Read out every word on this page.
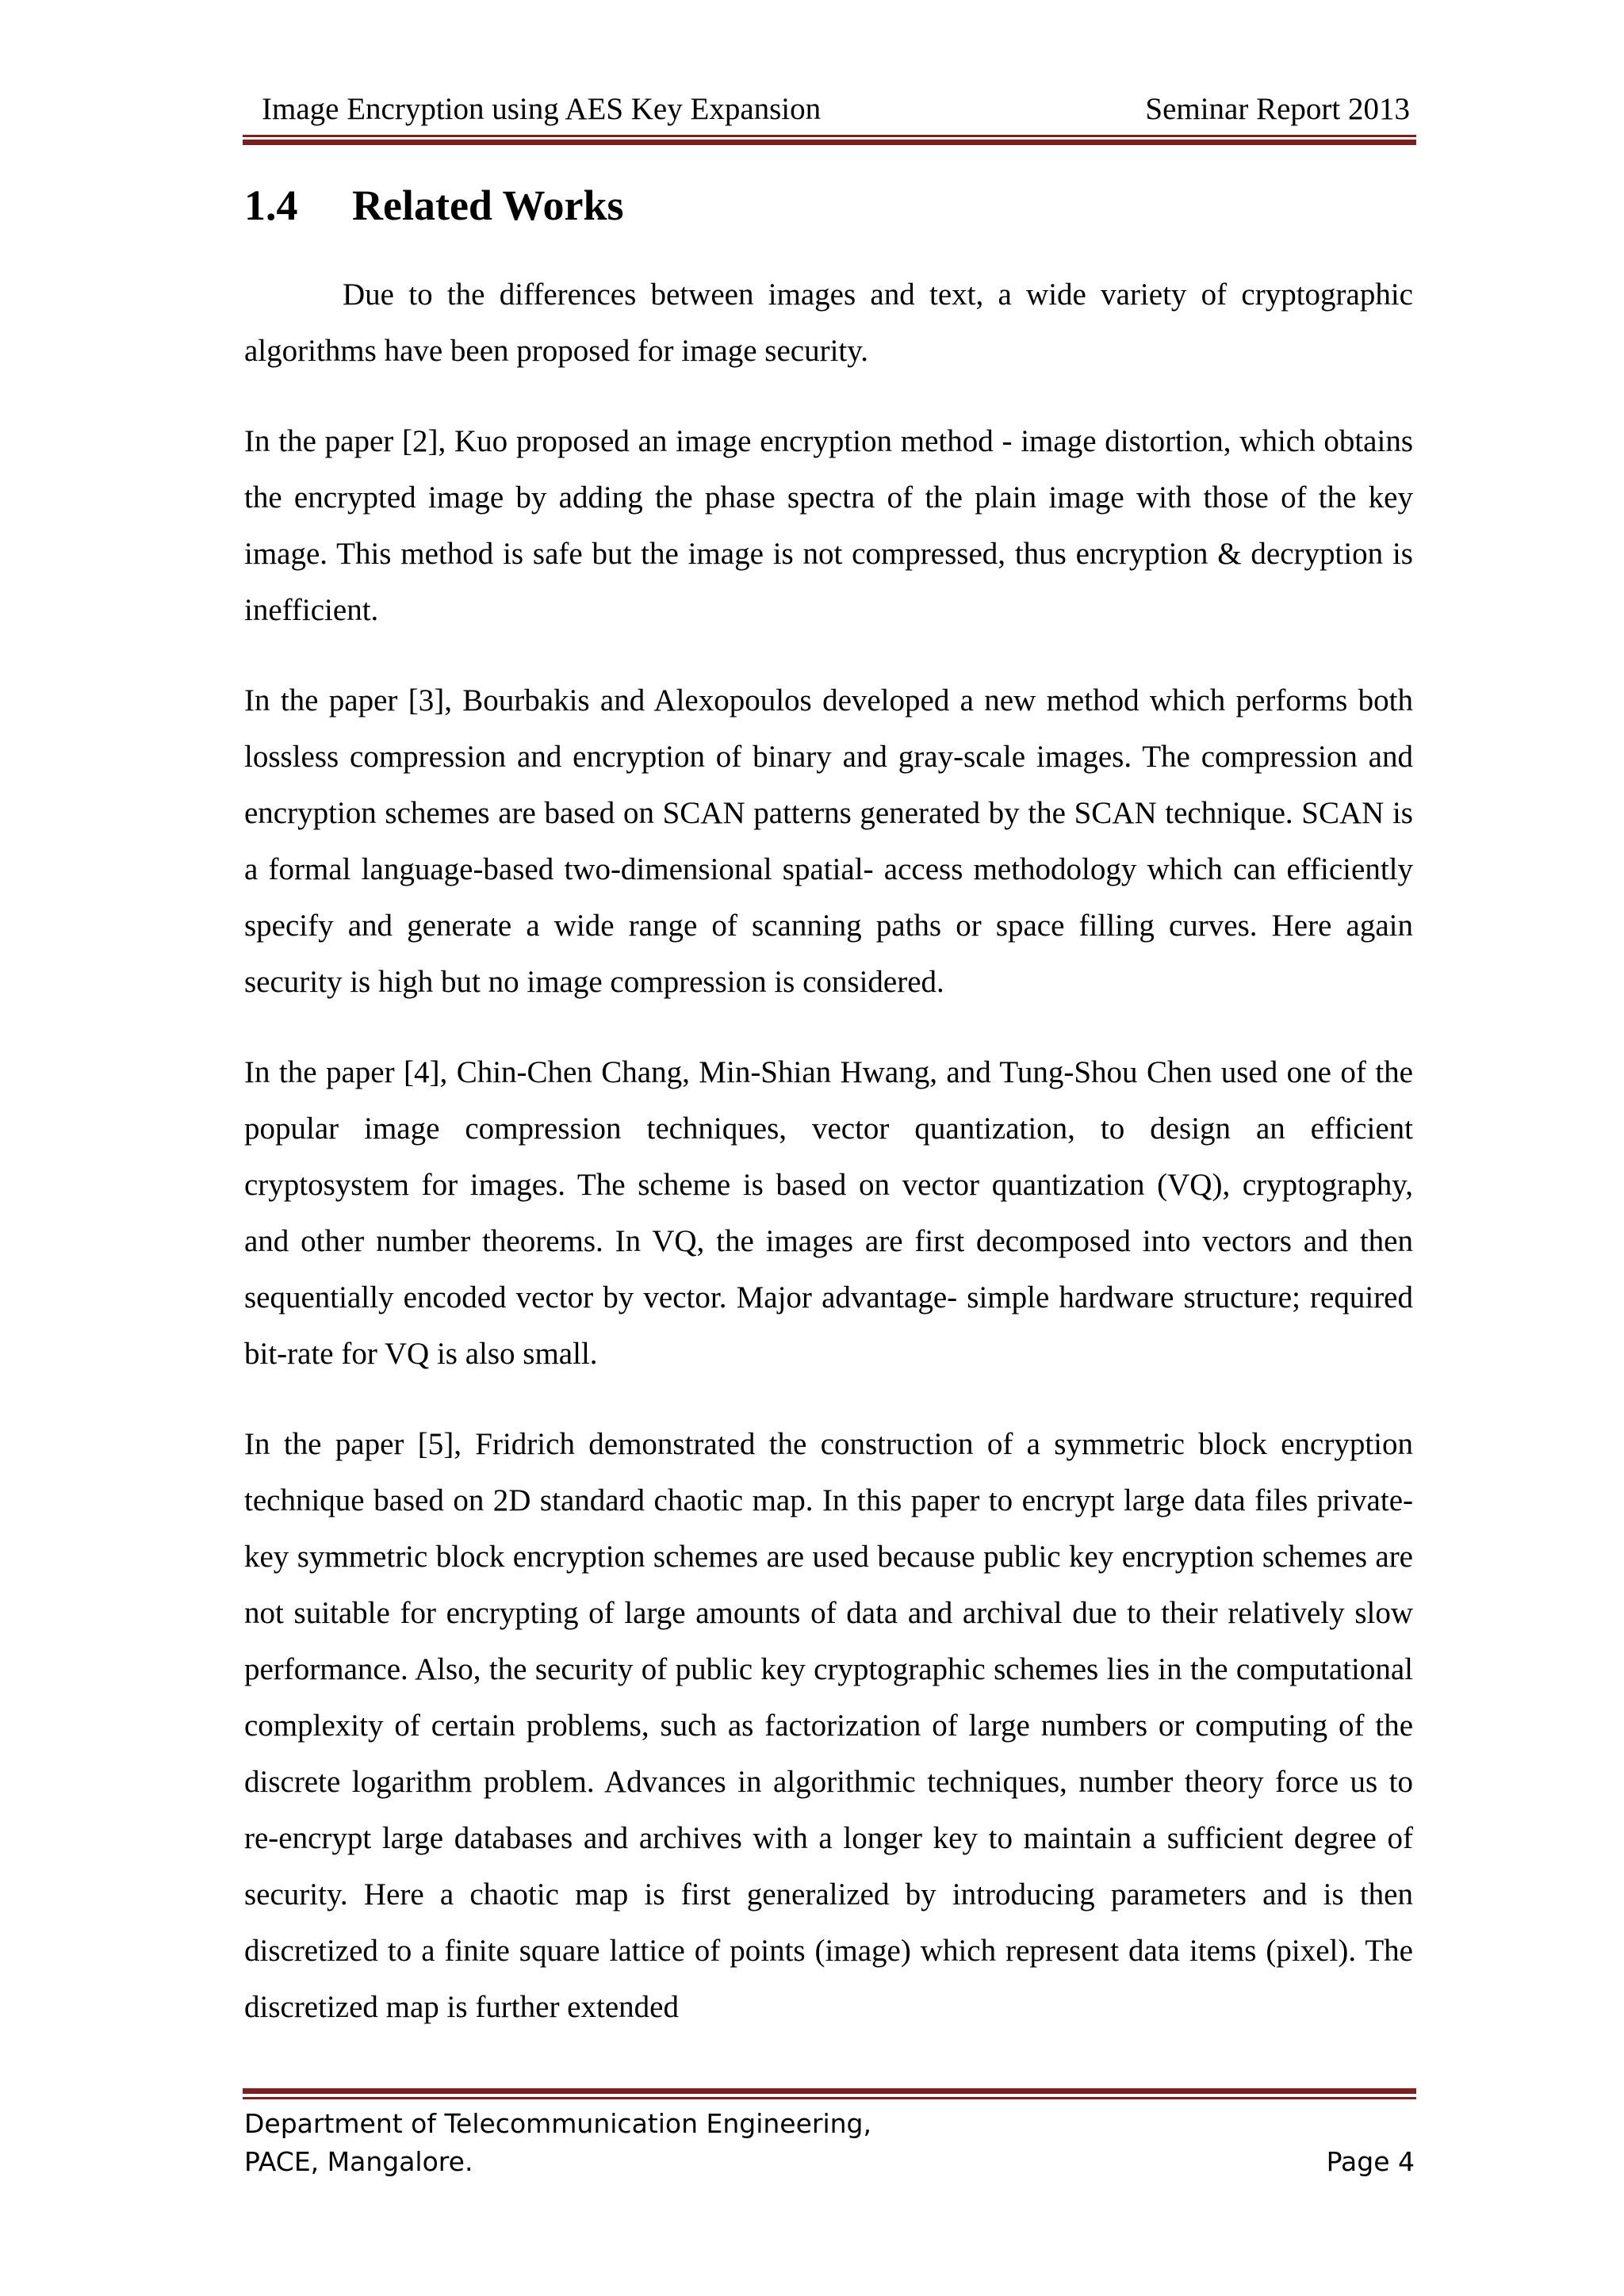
Image Encryption using AES Key Expansion	Seminar Report 2013
1.4 Related Works

Due to the differences between images and text, a wide variety of cryptographic algorithms have been proposed for image security.

In the paper [2], Kuo proposed an image encryption method - image distortion, which obtains the encrypted image by adding the phase spectra of the plain image with those of the key image. This method is safe but the image is not compressed, thus encryption & decryption is inefficient.

In the paper [3], Bourbakis and Alexopoulos developed a new method which performs both lossless compression and encryption of binary and gray-scale images. The compression and encryption schemes are based on SCAN patterns generated by the SCAN technique. SCAN is a formal language-based two-dimensional spatial- access methodology which can efficiently specify and generate a wide range of scanning paths or space filling curves. Here again security is high but no image compression is considered.

In the paper [4], Chin-Chen Chang, Min-Shian Hwang, and Tung-Shou Chen used one of the popular image compression techniques, vector quantization, to design an efficient cryptosystem for images. The scheme is based on vector quantization (VQ), cryptography, and other number theorems. In VQ, the images are first decomposed into vectors and then sequentially encoded vector by vector. Major advantage- simple hardware structure; required bit-rate for VQ is also small.

In the paper [5], Fridrich demonstrated the construction of a symmetric block encryption technique based on 2D standard chaotic map. In this paper to encrypt large data files private-key symmetric block encryption schemes are used because public key encryption schemes are not suitable for encrypting of large amounts of data and archival due to their relatively slow performance. Also, the security of public key cryptographic schemes lies in the computational complexity of certain problems, such as factorization of large numbers or computing of the discrete logarithm problem. Advances in algorithmic techniques, number theory force us to re-encrypt large databases and archives with a longer key to maintain a sufficient degree of security. Here a chaotic map is first generalized by introducing parameters and is then discretized to a finite square lattice of points (image) which represent data items (pixel). The discretized map is further extended

Department of Telecommunication Engineering,
PACE, Mangalore.	Page 4
